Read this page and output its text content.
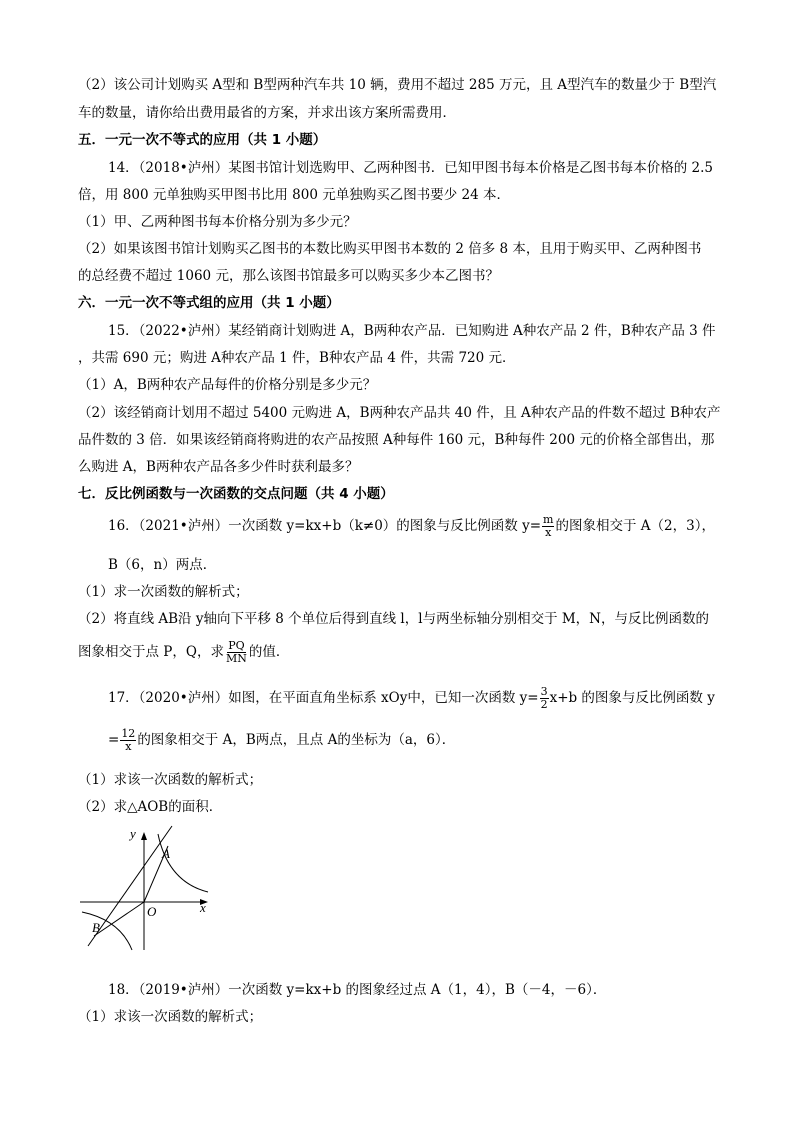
（2）该公司计划购买 A型和 B型两种汽车共 10 辆，费用不超过 285 万元，且 A型汽车的数量少于 B型汽
车的数量，请你给出费用最省的方案，并求出该方案所需费用．
五．一元一次不等式的应用（共 1 小题）
14．（2018•泸州）某图书馆计划选购甲、乙两种图书．已知甲图书每本价格是乙图书每本价格的 2.5
倍，用 800 元单独购买甲图书比用 800 元单独购买乙图书要少 24 本．
（1）甲、乙两种图书每本价格分别为多少元？
（2）如果该图书馆计划购买乙图书的本数比购买甲图书本数的 2 倍多 8 本，且用于购买甲、乙两种图书
的总经费不超过 1060 元，那么该图书馆最多可以购买多少本乙图书？
六．一元一次不等式组的应用（共 1 小题）
15．（2022•泸州）某经销商计划购进 A，B两种农产品．已知购进 A种农产品 2 件，B种农产品 3 件
，共需 690 元；购进 A种农产品 1 件，B种农产品 4 件，共需 720 元．
（1）A，B两种农产品每件的价格分别是多少元？
（2）该经销商计划用不超过 5400 元购进 A，B两种农产品共 40 件，且 A种农产品的件数不超过 B种农产
品件数的 3 倍．如果该经销商将购进的农产品按照 A种每件 160 元，B种每件 200 元的价格全部售出，那
么购进 A，B两种农产品各多少件时获利最多？
七．反比例函数与一次函数的交点问题（共 4 小题）
16．（2021•泸州）一次函数 y=kx+b（k≠0）的图象与反比例函数 $y= \frac{m}{x}$ 的图象相交于 A（2，3），
B（6，n）两点．
（1）求一次函数的解析式；
（2）将直线 AB沿 y轴向下平移 8 个单位后得到直线 l，l与两坐标轴分别相交于 M，N，与反比例函数的
图象相交于点 P，Q，求 $\frac{PQ}{MN}$ 的值．
17．（2020•泸州）如图，在平面直角坐标系 xOy中，已知一次函数 $y= \frac{3}{2} x+b$ 的图象与反比例函数 y
= $\frac{12}{x}$ 的图象相交于 A，B两点，且点 A的坐标为（a，6）．
（1）求该一次函数的解析式；
（2）求△AOB的面积．
y
x
O
A
B
18．（2019•泸州）一次函数 y=kx+b 的图象经过点 A（1，4），B（－4，－6）．
（1）求该一次函数的解析式；
